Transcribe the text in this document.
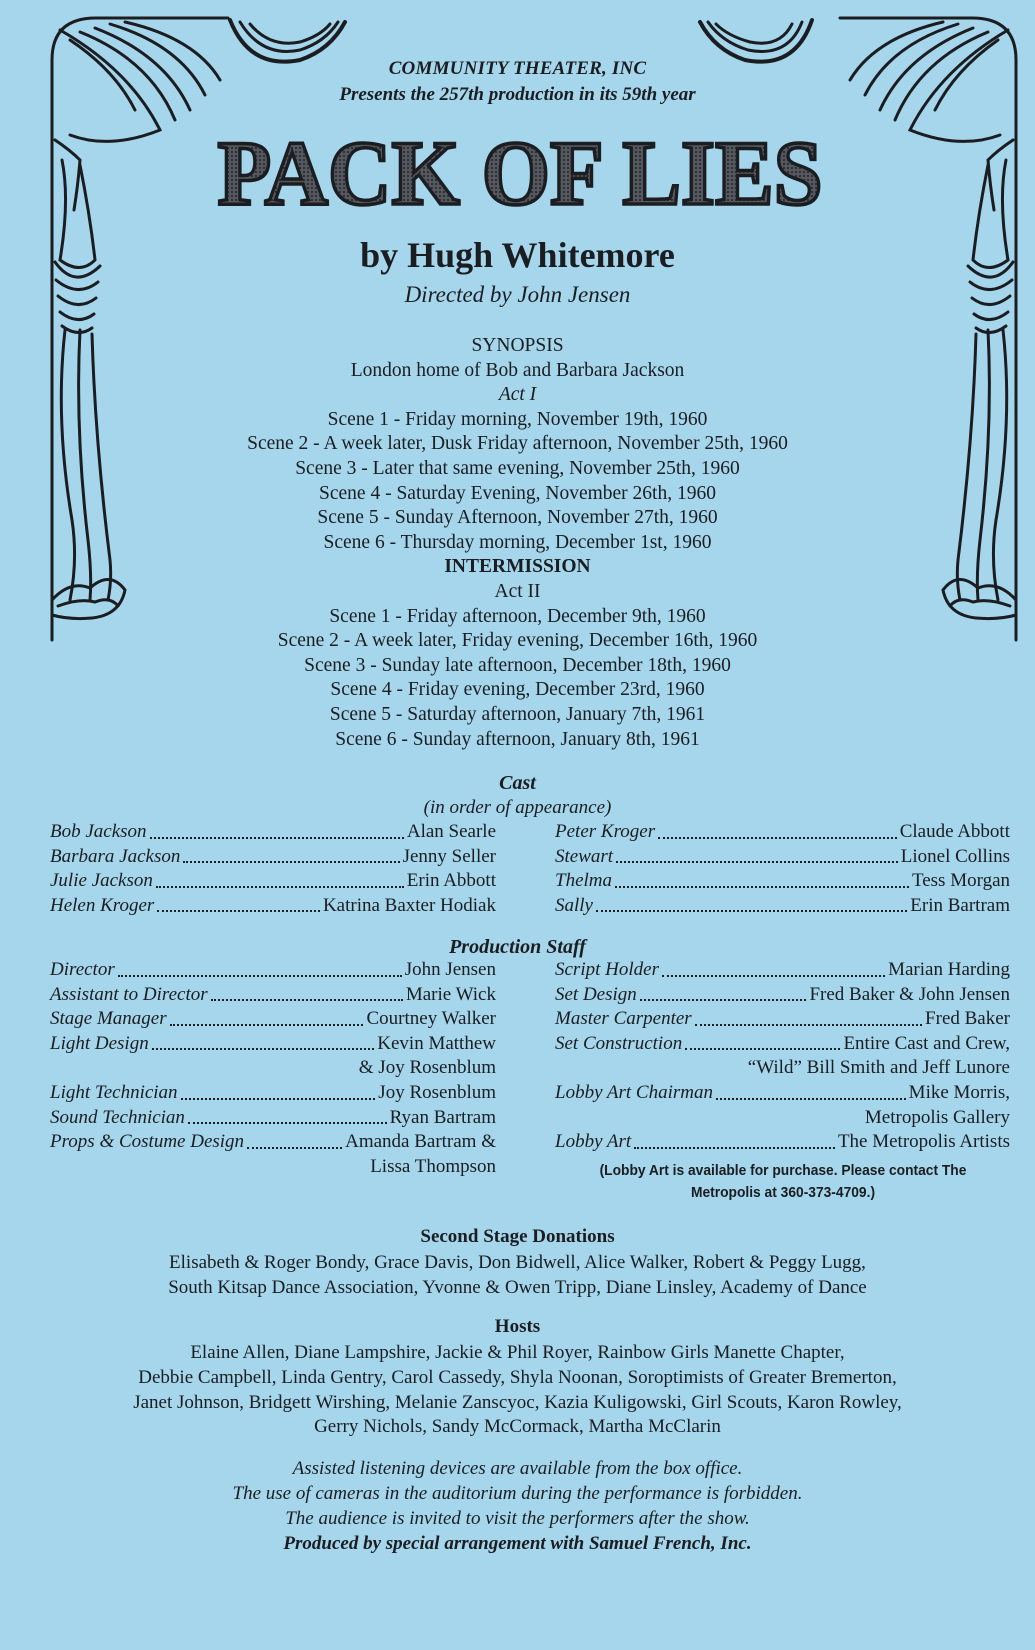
COMMUNITY THEATER, INC
Presents the 257th production in its 59th year
PACK OF LIES
by Hugh Whitemore
Directed by John Jensen
SYNOPSIS
London home of Bob and Barbara Jackson
Act I
Scene 1 - Friday morning, November 19th, 1960
Scene 2 - A week later, Dusk Friday afternoon, November 25th, 1960
Scene 3 - Later that same evening, November 25th, 1960
Scene 4 - Saturday Evening, November 26th, 1960
Scene 5 - Sunday Afternoon, November 27th, 1960
Scene 6 - Thursday morning, December 1st, 1960
INTERMISSION
Act II
Scene 1 - Friday afternoon, December 9th, 1960
Scene 2 - A week later, Friday evening, December 16th, 1960
Scene 3 - Sunday late afternoon, December 18th, 1960
Scene 4 - Friday evening, December 23rd, 1960
Scene 5 - Saturday afternoon, January 7th, 1961
Scene 6 - Sunday afternoon, January 8th, 1961
Cast
(in order of appearance)
Bob Jackson	Alan Searle
Barbara Jackson	Jenny Seller
Julie Jackson	Erin Abbott
Helen Kroger	Katrina Baxter Hodiak
Peter Kroger	Claude Abbott
Stewart	Lionel Collins
Thelma	Tess Morgan
Sally	Erin Bartram
Production Staff
Director	John Jensen
Assistant to Director	Marie Wick
Stage Manager	Courtney Walker
Light Design	Kevin Matthew
& Joy Rosenblum
Light Technician	Joy Rosenblum
Sound Technician	Ryan Bartram
Props & Costume Design	Amanda Bartram &
Lissa Thompson
Script Holder	Marian Harding
Set Design	Fred Baker & John Jensen
Master Carpenter	Fred Baker
Set Construction	Entire Cast and Crew,
“Wild” Bill Smith and Jeff Lunore
Lobby Art Chairman	Mike Morris,
Metropolis Gallery
Lobby Art	The Metropolis Artists
(Lobby Art is available for purchase. Please contact The
Metropolis at 360-373-4709.)
Second Stage Donations
Elisabeth & Roger Bondy, Grace Davis, Don Bidwell, Alice Walker, Robert & Peggy Lugg,
South Kitsap Dance Association, Yvonne & Owen Tripp, Diane Linsley, Academy of Dance
Hosts
Elaine Allen, Diane Lampshire, Jackie & Phil Royer, Rainbow Girls Manette Chapter,
Debbie Campbell, Linda Gentry, Carol Cassedy, Shyla Noonan, Soroptimists of Greater Bremerton,
Janet Johnson, Bridgett Wirshing, Melanie Zanscyoc, Kazia Kuligowski, Girl Scouts, Karon Rowley,
Gerry Nichols, Sandy McCormack, Martha McClarin
Assisted listening devices are available from the box office.
The use of cameras in the auditorium during the performance is forbidden.
The audience is invited to visit the performers after the show.
Produced by special arrangement with Samuel French, Inc.
